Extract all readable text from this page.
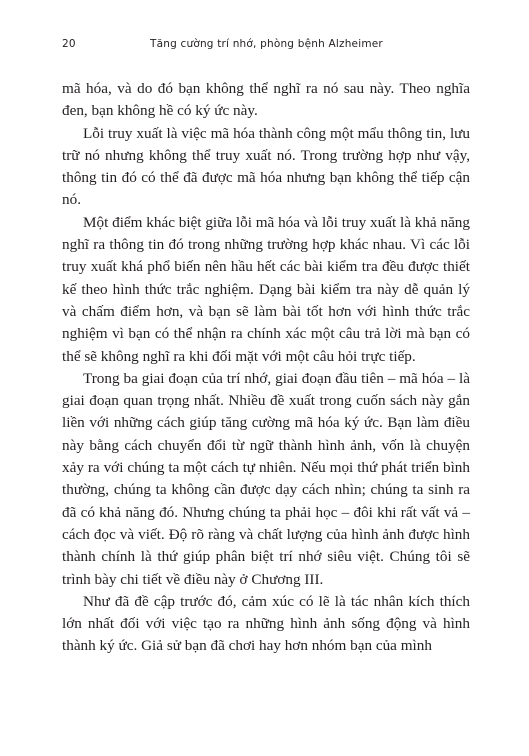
20	Tăng cường trí nhớ, phòng bệnh Alzheimer

mã hóa, và do đó bạn không thể nghĩ ra nó sau này. Theo nghĩa đen, bạn không hề có ký ức này.

Lỗi truy xuất là việc mã hóa thành công một mẩu thông tin, lưu trữ nó nhưng không thể truy xuất nó. Trong trường hợp như vậy, thông tin đó có thể đã được mã hóa nhưng bạn không thể tiếp cận nó.

Một điểm khác biệt giữa lỗi mã hóa và lỗi truy xuất là khả năng nghĩ ra thông tin đó trong những trường hợp khác nhau. Vì các lỗi truy xuất khá phổ biến nên hầu hết các bài kiểm tra đều được thiết kế theo hình thức trắc nghiệm. Dạng bài kiểm tra này dễ quản lý và chấm điểm hơn, và bạn sẽ làm bài tốt hơn với hình thức trắc nghiệm vì bạn có thể nhận ra chính xác một câu trả lời mà bạn có thể sẽ không nghĩ ra khi đối mặt với một câu hỏi trực tiếp.

Trong ba giai đoạn của trí nhớ, giai đoạn đầu tiên – mã hóa – là giai đoạn quan trọng nhất. Nhiều đề xuất trong cuốn sách này gắn liền với những cách giúp tăng cường mã hóa ký ức. Bạn làm điều này bằng cách chuyển đổi từ ngữ thành hình ảnh, vốn là chuyện xảy ra với chúng ta một cách tự nhiên. Nếu mọi thứ phát triển bình thường, chúng ta không cần được dạy cách nhìn; chúng ta sinh ra đã có khả năng đó. Nhưng chúng ta phải học – đôi khi rất vất vả – cách đọc và viết. Độ rõ ràng và chất lượng của hình ảnh được hình thành chính là thứ giúp phân biệt trí nhớ siêu việt. Chúng tôi sẽ trình bày chi tiết về điều này ở Chương III.

Như đã đề cập trước đó, cảm xúc có lẽ là tác nhân kích thích lớn nhất đối với việc tạo ra những hình ảnh sống động và hình thành ký ức. Giả sử bạn đã chơi hay hơn nhóm bạn của mình
